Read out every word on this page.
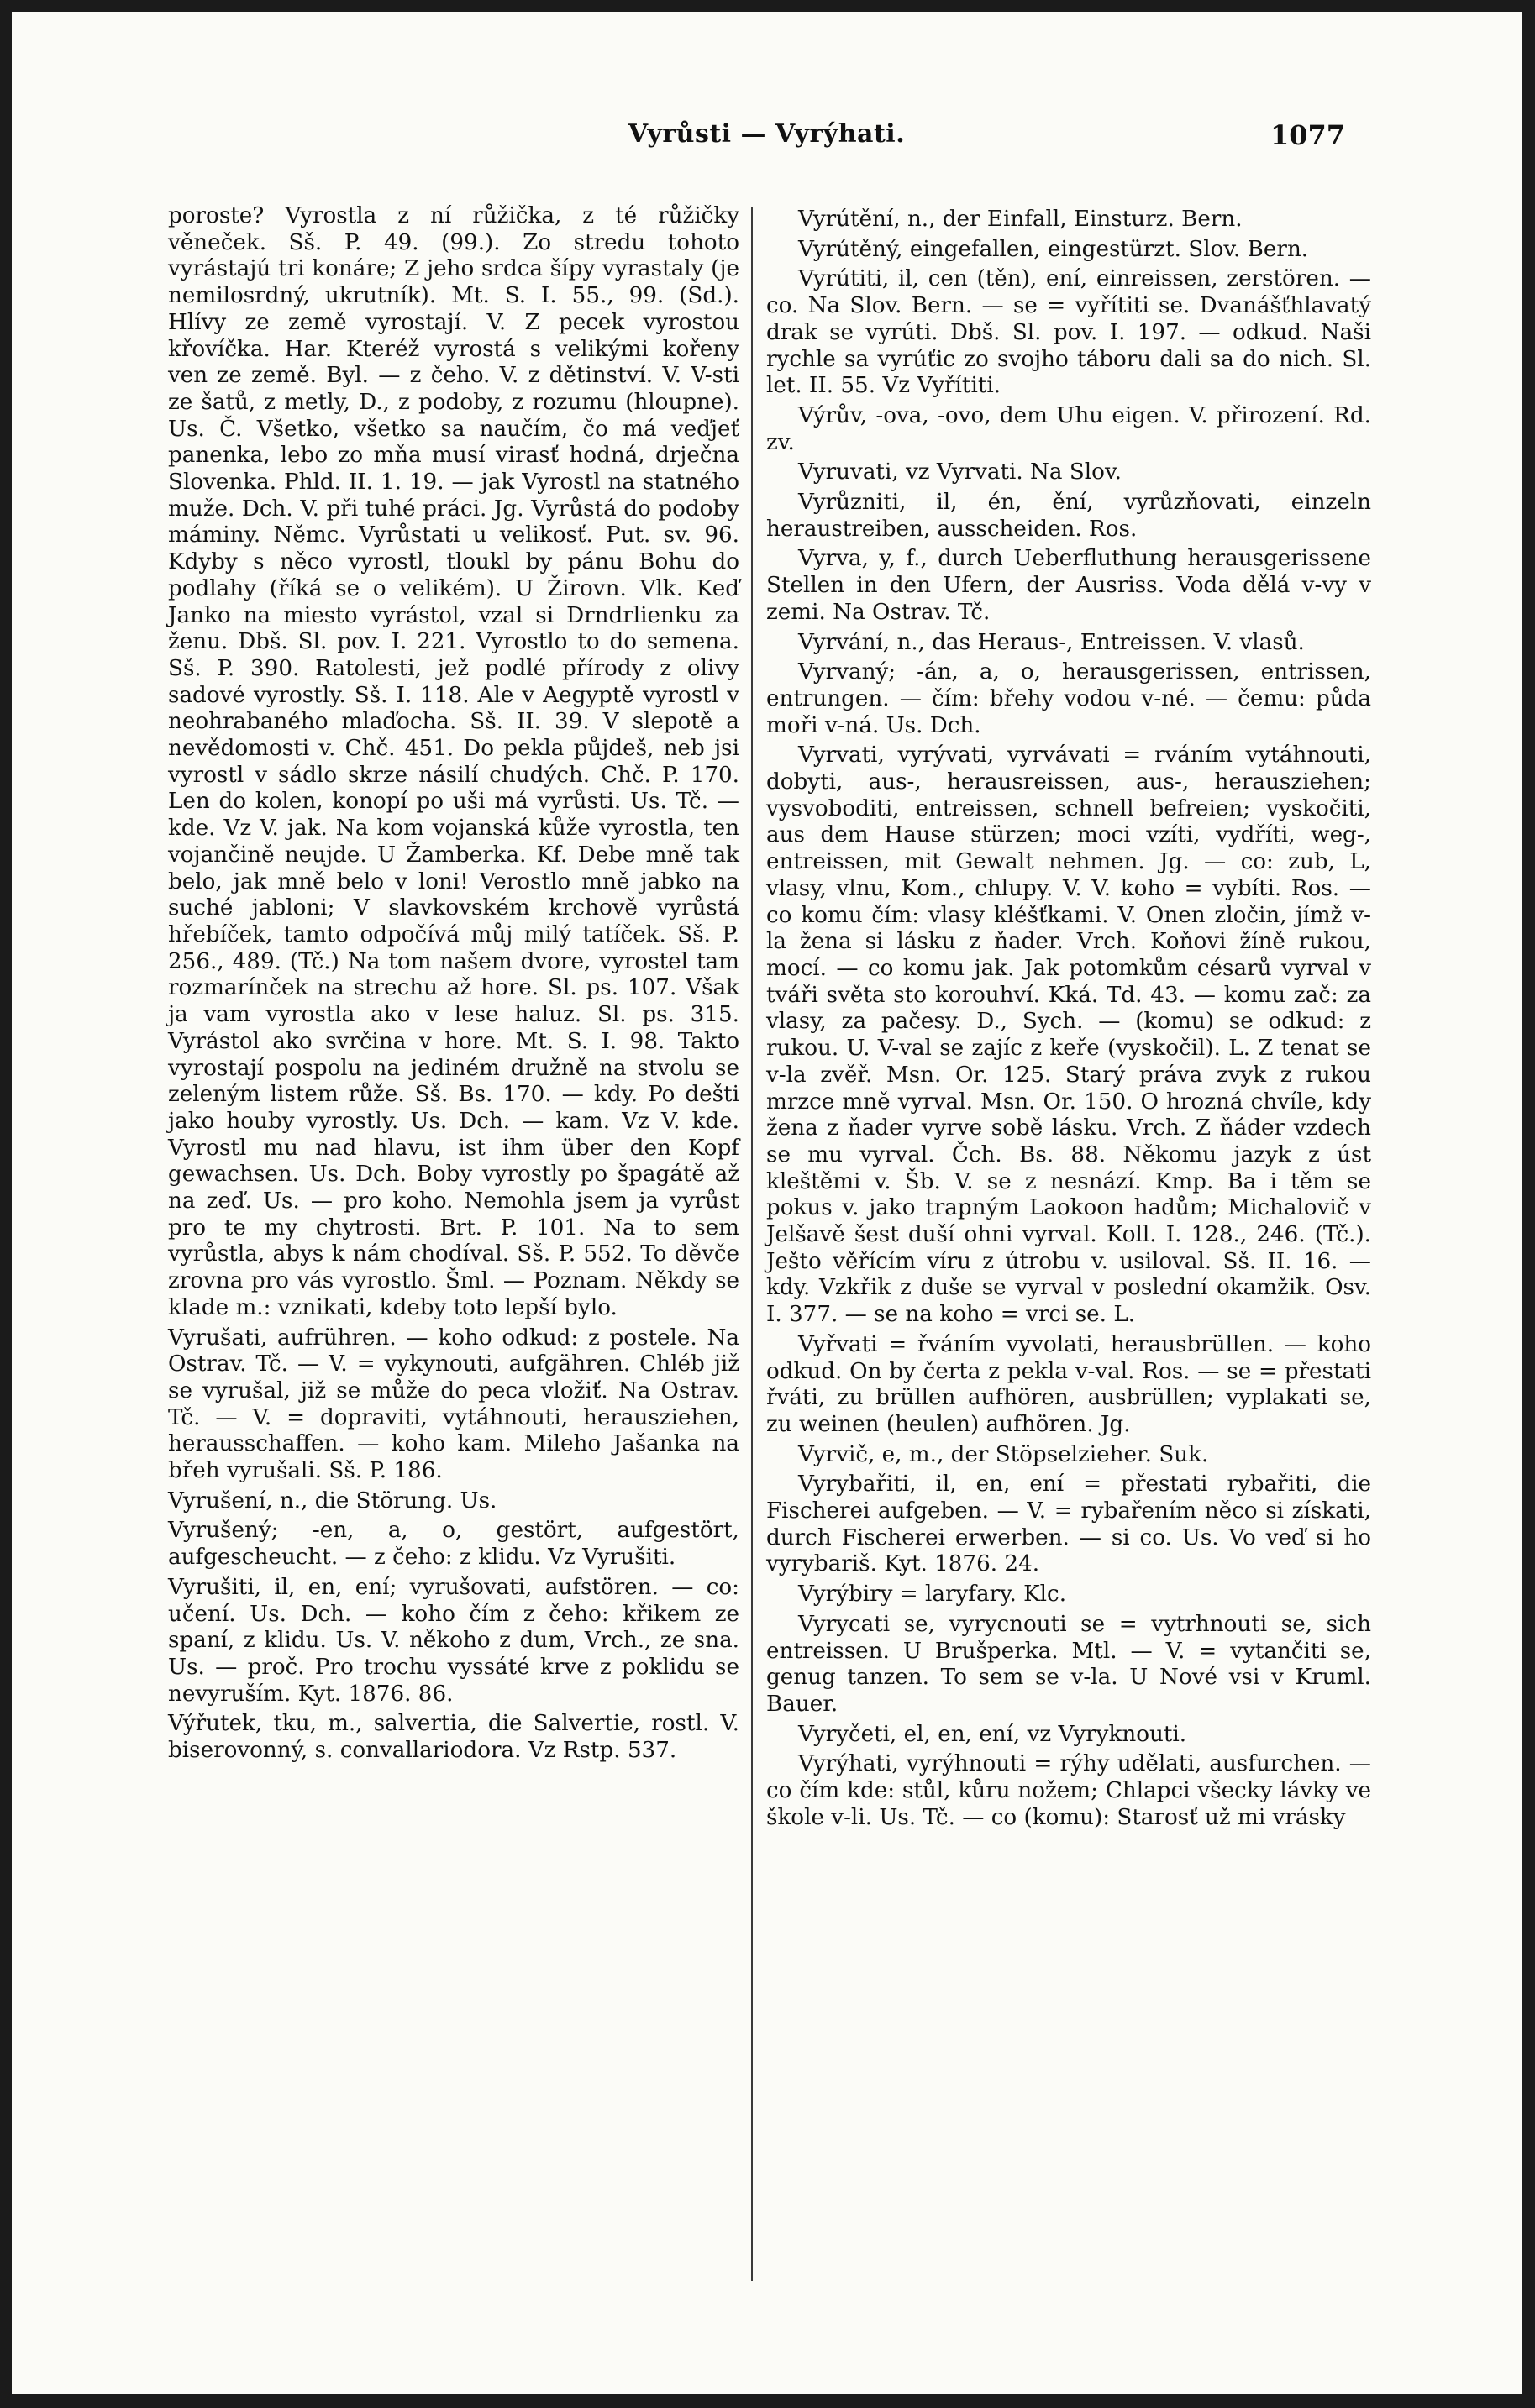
Vyrůsti — Vyrýhati.	1077

poroste? Vyrostla z ní růžička, z té růžičky věneček. Sš. P. 49. (99.). Zo stredu tohoto vyrástajú tri konáre; Z jeho srdca šípy vyrastaly (je nemilosrdný, ukrutník). Mt. S. I. 55., 99. (Sd.). Hlívy ze země vyrostají. V. Z pecek vyrostou křovíčka. Har. Kteréž vyrostá s velikými kořeny ven ze země. Byl. — z čeho. V. z dětinství. V. V-sti ze šatů, z metly, D., z podoby, z rozumu (hloupne). Us. Č. Všetko, všetko sa naučím, čo má veďjeť panenka, lebo zo mňa musí virasť hodná, drječna Slovenka. Phld. II. 1. 19. — jak Vyrostl na statného muže. Dch. V. při tuhé práci. Jg. Vyrůstá do podoby máminy. Němc. Vyrůstati u velikosť. Put. sv. 96. Kdyby s něco vyrostl, tloukl by pánu Bohu do podlahy (říká se o velikém). U Žirovn. Vlk. Keď Janko na miesto vyrástol, vzal si Drndrlienku za ženu. Dbš. Sl. pov. I. 221. Vyrostlo to do semena. Sš. P. 390. Ratolesti, jež podlé přírody z olivy sadové vyrostly. Sš. I. 118. Ale v Aegyptě vyrostl v neohrabaného mlaďocha. Sš. II. 39. V slepotě a nevědomosti v. Chč. 451. Do pekla půjdeš, neb jsi vyrostl v sádlo skrze násilí chudých. Chč. P. 170. Len do kolen, konopí po uši má vyrůsti. Us. Tč. — kde. Vz V. jak. Na kom vojanská kůže vyrostla, ten vojančině neujde. U Žamberka. Kf. Debe mně tak belo, jak mně belo v loni! Verostlo mně jabko na suché jabloni; V slavkovském krchově vyrůstá hřebíček, tamto odpočívá můj milý tatíček. Sš. P. 256., 489. (Tč.) Na tom našem dvore, vyrostel tam rozmarínček na strechu až hore. Sl. ps. 107. Však ja vam vyrostla ako v lese haluz. Sl. ps. 315. Vyrástol ako svrčina v hore. Mt. S. I. 98. Takto vyrostají pospolu na jediném družně na stvolu se zeleným listem růže. Sš. Bs. 170. — kdy. Po dešti jako houby vyrostly. Us. Dch. — kam. Vz V. kde. Vyrostl mu nad hlavu, ist ihm über den Kopf gewachsen. Us. Dch. Boby vyrostly po špagátě až na zeď. Us. — pro koho. Nemohla jsem ja vyrůst pro te my chytrosti. Brt. P. 101. Na to sem vyrůstla, abys k nám chodíval. Sš. P. 552. To děvče zrovna pro vás vyrostlo. Šml. — Poznam. Někdy se klade m.: vznikati, kdeby toto lepší bylo.

Vyrušati, aufrühren. — koho odkud: z postele. Na Ostrav. Tč. — V. = vykynouti, aufgähren. Chléb již se vyrušal, již se může do peca vložiť. Na Ostrav. Tč. — V. = dopraviti, vytáhnouti, herausziehen, herausschaffen. — koho kam. Mileho Jašanka na břeh vyrušali. Sš. P. 186.

Vyrušení, n., die Störung. Us.

Vyrušený; -en, a, o, gestört, aufgestört, aufgescheucht. — z čeho: z klidu. Vz Vyrušiti.

Vyrušiti, il, en, ení; vyrušovati, aufstören. — co: učení. Us. Dch. — koho čím z čeho: křikem ze spaní, z klidu. Us. V. někoho z dum, Vrch., ze sna. Us. — proč. Pro trochu vyssáté krve z poklidu se nevyruším. Kyt. 1876. 86.

Výřutek, tku, m., salvertia, die Salvertie, rostl. V. biserovonný, s. convallariodora. Vz Rstp. 537.

Vyrútění, n., der Einfall, Einsturz. Bern.

Vyrútěný, eingefallen, eingestürzt. Slov. Bern.

Vyrútiti, il, cen (těn), ení, einreissen, zerstören. — co. Na Slov. Bern. — se = vyřítiti se. Dvanášťhlavatý drak se vyrúti. Dbš. Sl. pov. I. 197. — odkud. Naši rychle sa vyrúťic zo svojho táboru dali sa do nich. Sl. let. II. 55. Vz Vyřítiti.

Výrův, -ova, -ovo, dem Uhu eigen. V. přirození. Rd. zv.

Vyruvati, vz Vyrvati. Na Slov.

Vyrůzniti, il, én, ění, vyrůzňovati, einzeln heraustreiben, ausscheiden. Ros.

Vyrva, y, f., durch Ueberfluthung herausgerissene Stellen in den Ufern, der Ausriss. Voda dělá v-vy v zemi. Na Ostrav. Tč.

Vyrvání, n., das Heraus-, Entreissen. V. vlasů.

Vyrvaný; -án, a, o, herausgerissen, entrissen, entrungen. — čím: břehy vodou v-né. — čemu: půda moři v-ná. Us. Dch.

Vyrvati, vyrývati, vyrvávati = rváním vytáhnouti, dobyti, aus-, herausreissen, aus-, herausziehen; vysvoboditi, entreissen, schnell befreien; vyskočiti, aus dem Hause stürzen; moci vzíti, vydříti, weg-, entreissen, mit Gewalt nehmen. Jg. — co: zub, L, vlasy, vlnu, Kom., chlupy. V. V. koho = vybíti. Ros. — co komu čím: vlasy kléšťkami. V. Onen zločin, jímž v-la žena si lásku z ňader. Vrch. Koňovi žíně rukou, mocí. — co komu jak. Jak potomkům césarů vyrval v tváři světa sto korouhví. Kká. Td. 43. — komu zač: za vlasy, za pačesy. D., Sych. — (komu) se odkud: z rukou. U. V-val se zajíc z keře (vyskočil). L. Z tenat se v-la zvěř. Msn. Or. 125. Starý práva zvyk z rukou mrzce mně vyrval. Msn. Or. 150. O hrozná chvíle, kdy žena z ňader vyrve sobě lásku. Vrch. Z ňáder vzdech se mu vyrval. Čch. Bs. 88. Někomu jazyk z úst kleštěmi v. Šb. V. se z nesnází. Kmp. Ba i těm se pokus v. jako trapným Laokoon hadům; Michalovič v Jelšavě šest duší ohni vyrval. Koll. I. 128., 246. (Tč.). Ješto věřícím víru z útrobu v. usiloval. Sš. II. 16. — kdy. Vzkřik z duše se vyrval v poslední okamžik. Osv. I. 377. — se na koho = vrci se. L.

Vyřvati = řváním vyvolati, herausbrüllen. — koho odkud. On by čerta z pekla v-val. Ros. — se = přestati řváti, zu brüllen aufhören, ausbrüllen; vyplakati se, zu weinen (heulen) aufhören. Jg.

Vyrvič, e, m., der Stöpselzieher. Suk.

Vyrybařiti, il, en, ení = přestati rybařiti, die Fischerei aufgeben. — V. = rybařením něco si získati, durch Fischerei erwerben. — si co. Us. Vo veď si ho vyrybariš. Kyt. 1876. 24.

Vyrýbiry = laryfary. Klc.

Vyrycati se, vyrycnouti se = vytrhnouti se, sich entreissen. U Brušperka. Mtl. — V. = vytančiti se, genug tanzen. To sem se v-la. U Nové vsi v Kruml. Bauer.

Vyryčeti, el, en, ení, vz Vyryknouti.

Vyrýhati, vyrýhnouti = rýhy udělati, ausfurchen. — co čím kde: stůl, kůru nožem; Chlapci všecky lávky ve škole v-li. Us. Tč. — co (komu): Starosť už mi vrásky
